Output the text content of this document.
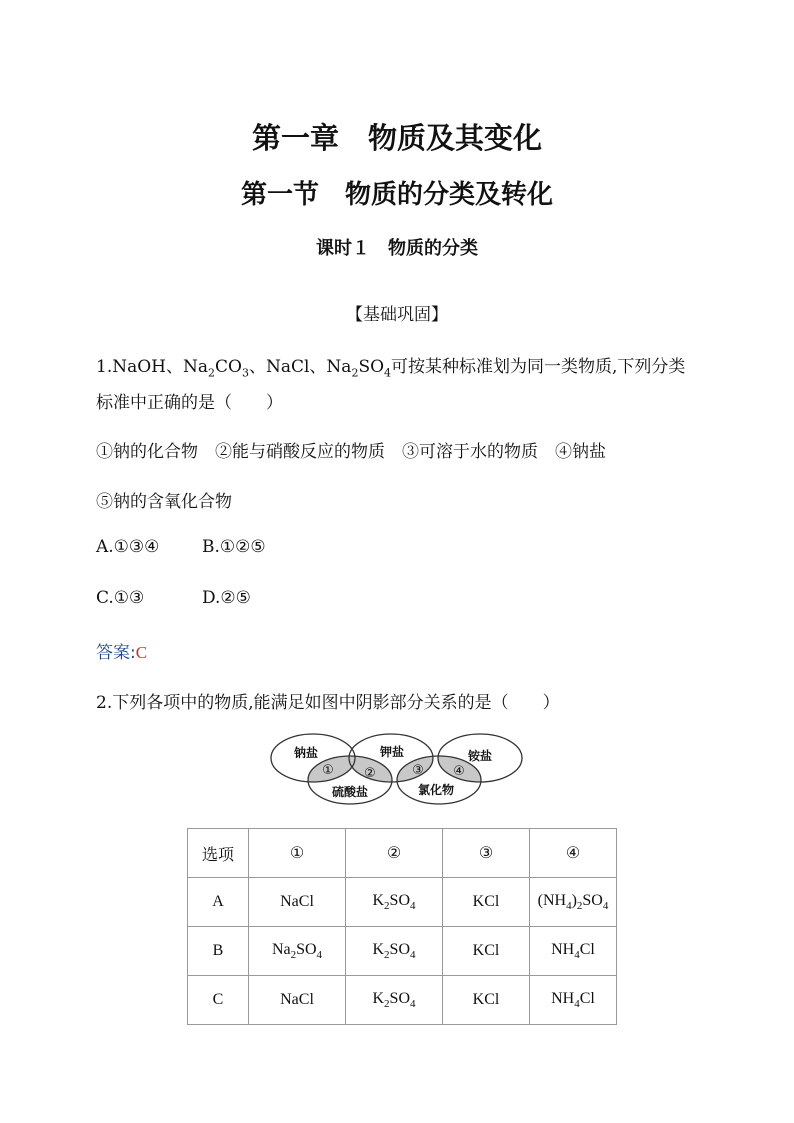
第一章　物质及其变化
第一节　物质的分类及转化
课时１　物质的分类
【基础巩固】
1.NaOH、$Na_2CO_3$、NaCl、$Na_2SO_4$可按某种标准划为同一类物质,下列分类
标准中正确的是（　　）
①钠的化合物　②能与硝酸反应的物质　③可溶于水的物质　④钠盐
⑤钠的含氧化合物
A.①③④	B.①②⑤
C.①③	D.②⑤
答案:C
2.下列各项中的物质,能满足如图中阴影部分关系的是（　　）
钠盐	钾盐	铵盐
硫酸盐	氯化物
① ②	③ ④
选项	①	②	③	④
A	NaCl	$K_2SO_4$	KCl	$(NH_4)_2SO_4$
B	$Na_2SO_4$	$K_2SO_4$	KCl	$NH_4Cl$
C	NaCl	$K_2SO_4$	KCl	$NH_4Cl$
